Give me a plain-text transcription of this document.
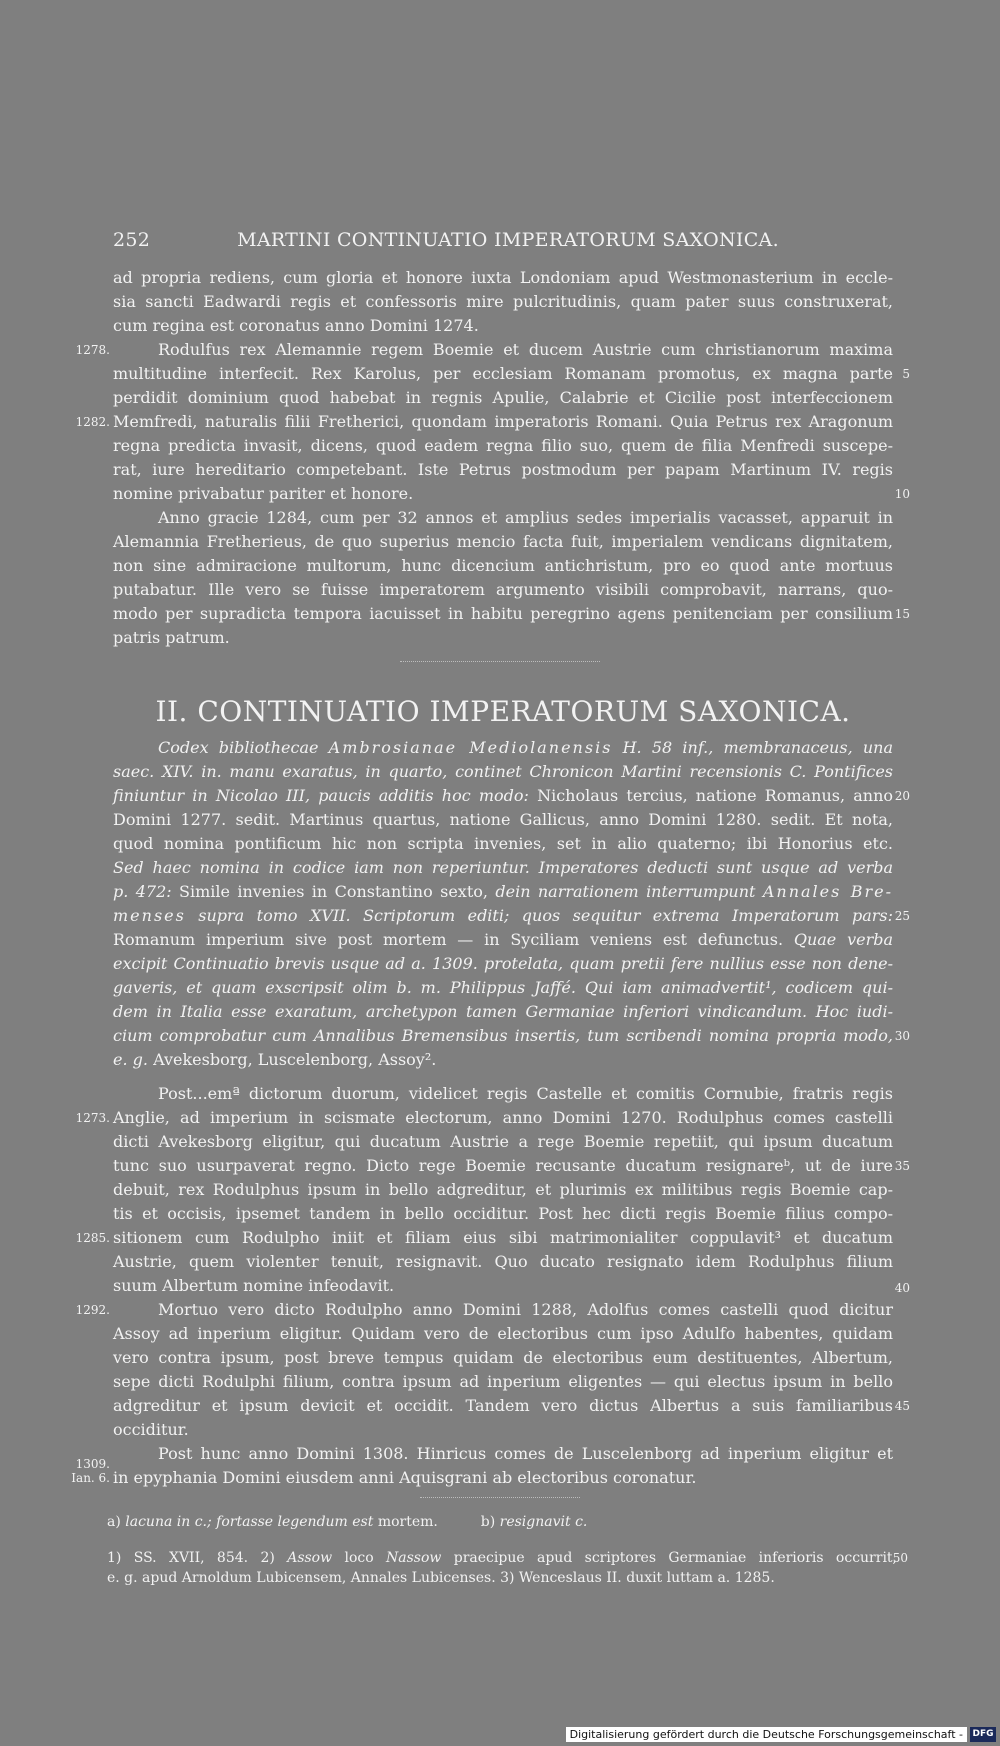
252	MARTINI CONTINUATIO IMPERATORUM SAXONICA.
ad propria rediens, cum gloria et honore iuxta Londoniam apud Westmonasterium in eccle-
sia sancti Eadwardi regis et confessoris mire pulcritudinis, quam pater suus construxerat,
cum regina est coronatus anno Domini 1274.
1278.	Rodulfus rex Alemannie regem Boemie et ducem Austrie cum christianorum maxima
multitudine interfecit. Rex Karolus, per ecclesiam Romanam promotus, ex magna parte 5
perdidit dominium quod habebat in regnis Apulie, Calabrie et Cicilie post interfeccionem
1282. Memfredi, naturalis filii Fretherici, quondam imperatoris Romani. Quia Petrus rex Aragonum
regna predicta invasit, dicens, quod eadem regna filio suo, quem de filia Menfredi suscepe-
rat, iure hereditario competebant. Iste Petrus postmodum per papam Martinum IV. regis
nomine privabatur pariter et honore.	10
Anno gracie 1284, cum per 32 annos et amplius sedes imperialis vacasset, apparuit in
Alemannia Fretherieus, de quo superius mencio facta fuit, imperialem vendicans dignitatem,
non sine admiracione multorum, hunc dicencium antichristum, pro eo quod ante mortuus
putabatur. Ille vero se fuisse imperatorem argumento visibili comprobavit, narrans, quo-
modo per supradicta tempora iacuisset in habitu peregrino agens penitenciam per consilium 15
patris patrum.
II. CONTINUATIO IMPERATORUM SAXONICA.
Codex bibliothecae Ambrosianae Mediolanensis H. 58 inf., membranaceus, una
saec. XIV. in. manu exaratus, in quarto, continet Chronicon Martini recensionis C. Pontifices
finiuntur in Nicolao III, paucis additis hoc modo: Nicholaus tercius, natione Romanus, anno 20
Domini 1277. sedit. Martinus quartus, natione Gallicus, anno Domini 1280. sedit. Et nota,
quod nomina pontificum hic non scripta invenies, set in alio quaterno; ibi Honorius etc.
Sed haec nomina in codice iam non reperiuntur. Imperatores deducti sunt usque ad verba
p. 472: Simile invenies in Constantino sexto, dein narrationem interrumpunt Annales Bre-
menses supra tomo XVII. Scriptorum editi; quos sequitur extrema Imperatorum pars: 25
Romanum imperium sive post mortem — in Syciliam veniens est defunctus. Quae verba
excipit Continuatio brevis usque ad a. 1309. protelata, quam pretii fere nullius esse non dene-
gaveris, et quam exscripsit olim b. m. Philippus Jaffé. Qui iam animadvertit¹, codicem qui-
dem in Italia esse exaratum, archetypon tamen Germaniae inferiori vindicandum. Hoc iudi-
cium comprobatur cum Annalibus Bremensibus insertis, tum scribendi nomina propria modo, 30
e. g. Avekesborg, Luscelenborg, Assoy².
Post...emª dictorum duorum, videlicet regis Castelle et comitis Cornubie, fratris regis
1273. Anglie, ad imperium in scismate electorum, anno Domini 1270. Rodulphus comes castelli
dicti Avekesborg eligitur, qui ducatum Austrie a rege Boemie repetiit, qui ipsum ducatum
tunc suo usurpaverat regno. Dicto rege Boemie recusante ducatum resignareᵇ, ut de iure 35
debuit, rex Rodulphus ipsum in bello adgreditur, et plurimis ex militibus regis Boemie cap-
tis et occisis, ipsemet tandem in bello occiditur. Post hec dicti regis Boemie filius compo-
1285. sitionem cum Rodulpho iniit et filiam eius sibi matrimonialiter coppulavit³ et ducatum
Austrie, quem violenter tenuit, resignavit. Quo ducato resignato idem Rodulphus filium
suum Albertum nomine infeodavit.	40
1292.	Mortuo vero dicto Rodulpho anno Domini 1288, Adolfus comes castelli quod dicitur
Assoy ad inperium eligitur. Quidam vero de electoribus cum ipso Adulfo habentes, quidam
vero contra ipsum, post breve tempus quidam de electoribus eum destituentes, Albertum,
sepe dicti Rodulphi filium, contra ipsum ad inperium eligentes — qui electus ipsum in bello
adgreditur et ipsum devicit et occidit. Tandem vero dictus Albertus a suis familiaribus 45
occiditur.
Post hunc anno Domini 1308. Hinricus comes de Luscelenborg ad inperium eligitur et
1309.
in epyphania Domini eiusdem anni Aquisgrani ab electoribus coronatur.
Ian. 6.
a) lacuna in c.; fortasse legendum est mortem.	b) resignavit c.
1) SS. XVII, 854. 2) Assow loco Nassow praecipue apud scriptores Germaniae inferioris occurrit,
50
e. g. apud Arnoldum Lubicensem, Annales Lubicenses. 3) Wenceslaus II. duxit luttam a. 1285.
Digitalisierung gefördert durch die Deutsche Forschungsgemeinschaft -	DFG
